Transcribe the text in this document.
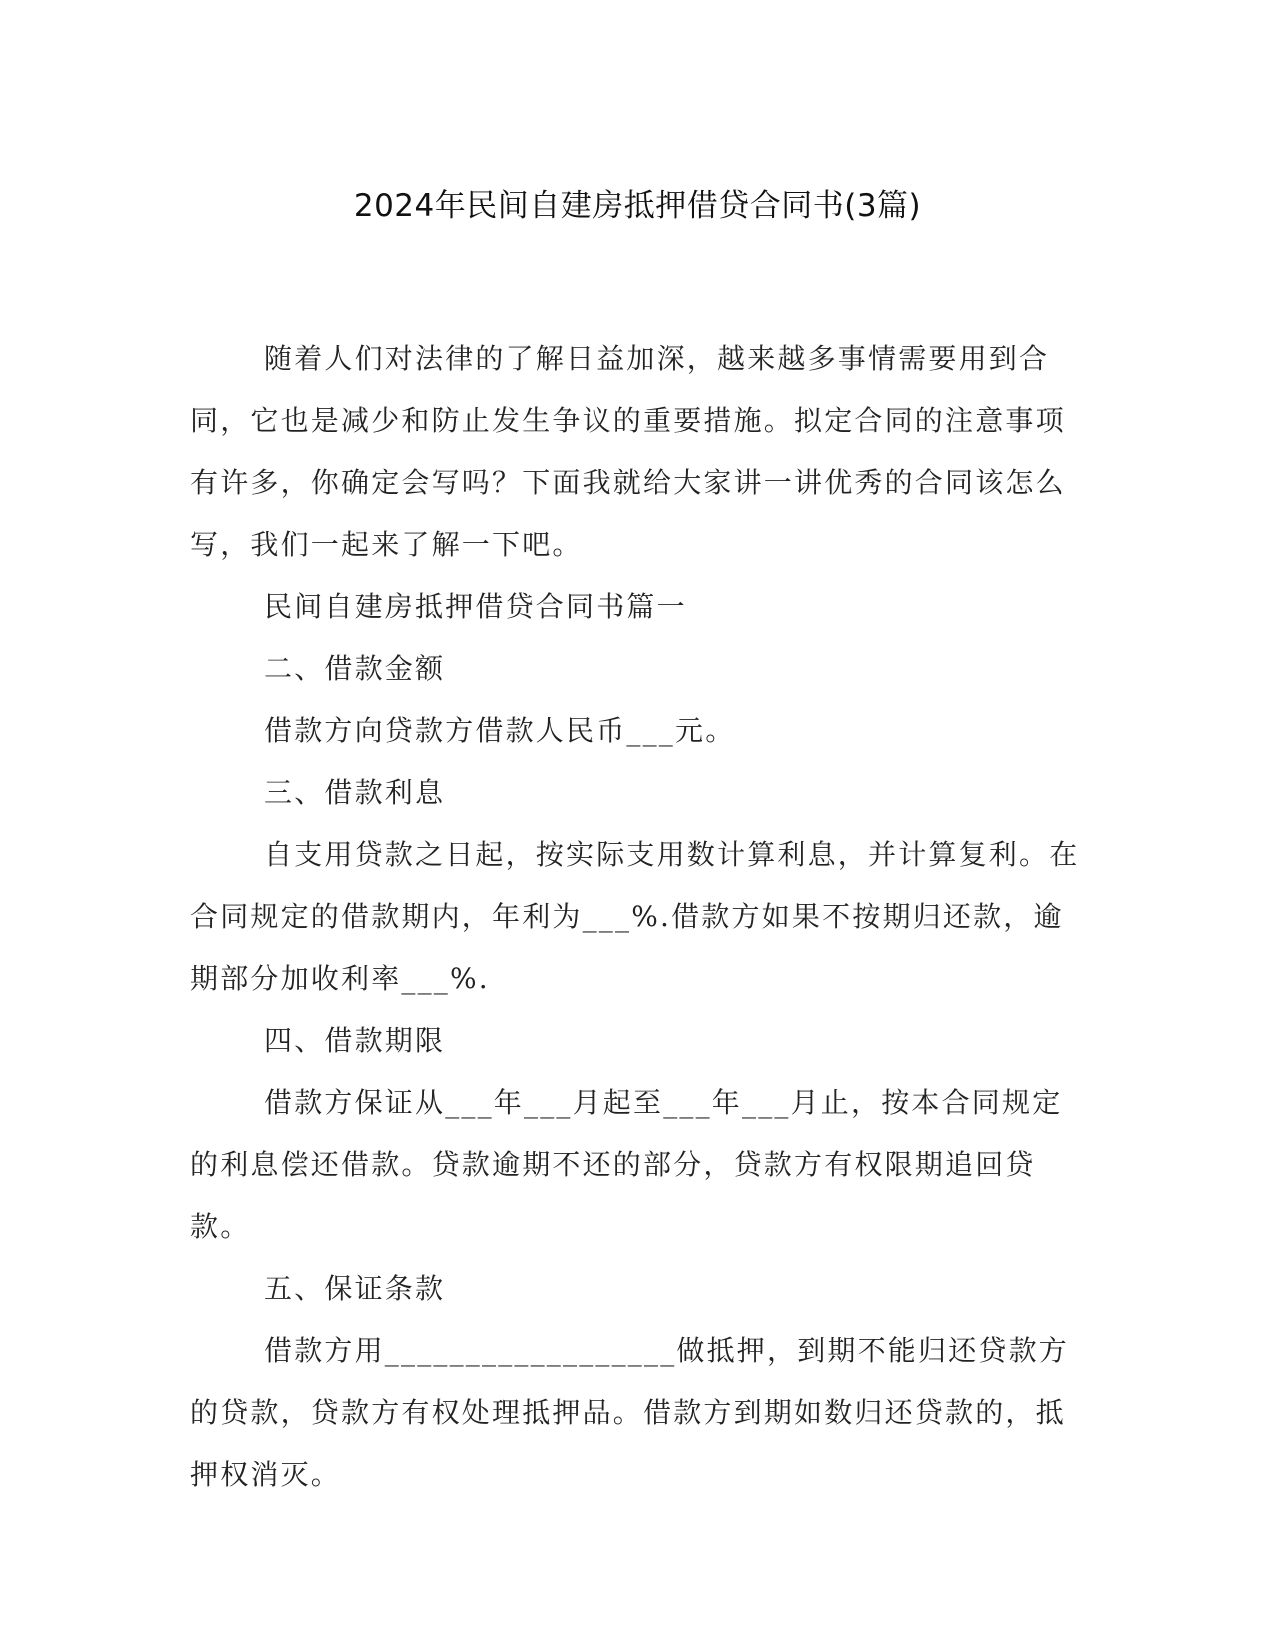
2024年民间自建房抵押借贷合同书(3篇)

随着人们对法律的了解日益加深，越来越多事情需要用到合同，它也是减少和防止发生争议的重要措施。拟定合同的注意事项有许多，你确定会写吗？下面我就给大家讲一讲优秀的合同该怎么写，我们一起来了解一下吧。

民间自建房抵押借贷合同书篇一

二、借款金额

借款方向贷款方借款人民币___元。

三、借款利息

自支用贷款之日起，按实际支用数计算利息，并计算复利。在合同规定的借款期内，年利为___%.借款方如果不按期归还款，逾期部分加收利率___%.

四、借款期限

借款方保证从___年___月起至___年___月止，按本合同规定的利息偿还借款。贷款逾期不还的部分，贷款方有权限期追回贷款。

五、保证条款

借款方用__________________做抵押，到期不能归还贷款方的贷款，贷款方有权处理抵押品。借款方到期如数归还贷款的，抵押权消灭。
